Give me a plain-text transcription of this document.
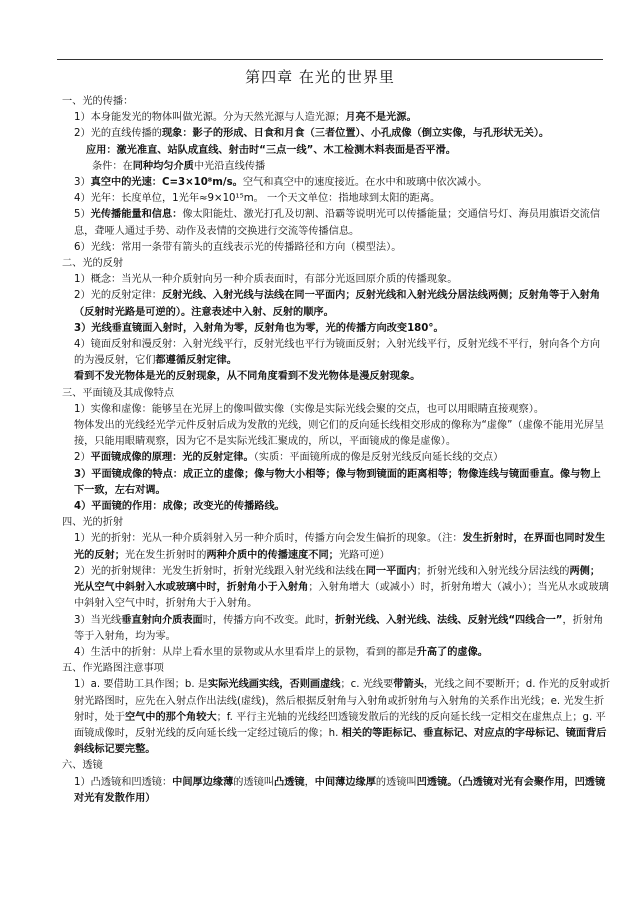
第四章 在光的世界里

一、光的传播：

1）本身能发光的物体叫做光源。分为天然光源与人造光源；月亮不是光源。

2）光的直线传播的现象：影子的形成、日食和月食（三者位置）、小孔成像（倒立实像，与孔形状无关）。

应用：激光准直、站队成直线、射击时“三点一线”、木工检测木料表面是否平滑。

条件：在同种均匀介质中光沿直线传播

3）真空中的光速：C=3×10⁸m/s。空气和真空中的速度接近。在水中和玻璃中依次减小。

4）光年：长度单位，1光年≈9×10¹⁵m。 一个天文单位：指地球到太阳的距离。

5）光传播能量和信息：像太阳能灶、激光打孔及切割、沿霸等说明光可以传播能量；交通信号灯、海员用旗语交流信息，聋哑人通过手势、动作及表情的交换进行交流等传播信息。

6）光线：常用一条带有箭头的直线表示光的传播路径和方向（模型法）。

二、光的反射

1）概念：当光从一种介质射向另一种介质表面时，有部分光返回原介质的传播现象。

2）光的反射定律：反射光线、入射光线与法线在同一平面内；反射光线和入射光线分居法线两侧；反射角等于入射角（反射时光路是可逆的）。注意表述中入射、反射的顺序。

3）光线垂直镜面入射时，入射角为零，反射角也为零，光的传播方向改变180°。

4）镜面反射和漫反射：入射光线平行，反射光线也平行为镜面反射；入射光线平行，反射光线不平行，射向各个方向的为漫反射，它们都遵循反射定律。

看到不发光物体是光的反射现象，从不同角度看到不发光物体是漫反射现象。

三、平面镜及其成像特点

1）实像和虚像：能够呈在光屏上的像叫做实像（实像是实际光线会聚的交点，也可以用眼睛直接观察）。

物体发出的光线经光学元件反射后成为发散的光线，则它们的反向延长线相交形成的像称为“虚像”（虚像不能用光屏呈接，只能用眼睛观察，因为它不是实际光线汇聚成的，所以，平面镜成的像是虚像）。

2）平面镜成像的原理：光的反射定律。（实质：平面镜所成的像是反射光线反向延长线的交点）

3）平面镜成像的特点：成正立的虚像；像与物大小相等；像与物到镜面的距离相等；物像连线与镜面垂直。像与物上下一致，左右对调。

4）平面镜的作用：成像；改变光的传播路线。

四、光的折射

1）光的折射：光从一种介质斜射入另一种介质时，传播方向会发生偏折的现象。（注：发生折射时，在界面也同时发生光的反射；光在发生折射时的两种介质中的传播速度不同；光路可逆）

2）光的折射规律：光发生折射时，折射光线跟入射光线和法线在同一平面内；折射光线和入射光线分居法线的两侧；光从空气中斜射入水或玻璃中时，折射角小于入射角；入射角增大（或减小）时，折射角增大（减小）；当光从水或玻璃中斜射入空气中时，折射角大于入射角。

3）当光线垂直射向介质表面时，传播方向不改变。此时，折射光线、入射光线、法线、反射光线“四线合一”，折射角等于入射角，均为零。

4）生活中的折射：从岸上看水里的景物或从水里看岸上的景物，看到的都是升高了的虚像。

五、作光路图注意事项

1）a. 要借助工具作图；b. 是实际光线画实线，否则画虚线；c. 光线要带箭头，光线之间不要断开；d. 作光的反射或折射光路图时，应先在入射点作出法线(虚线)，然后根据反射角与入射角或折射角与入射角的关系作出光线；e. 光发生折射时，处于空气中的那个角较大；f. 平行主光轴的光线经凹透镜发散后的光线的反向延长线一定相交在虚焦点上；g. 平面镜成像时，反射光线的反向延长线一定经过镜后的像；h. 相关的等距标记、垂直标记、对应点的字母标记、镜面背后斜线标记要完整。

六、透镜

1）凸透镜和凹透镜：中间厚边缘薄的透镜叫凸透镜，中间薄边缘厚的透镜叫凹透镜。（凸透镜对光有会聚作用，凹透镜对光有发散作用）
